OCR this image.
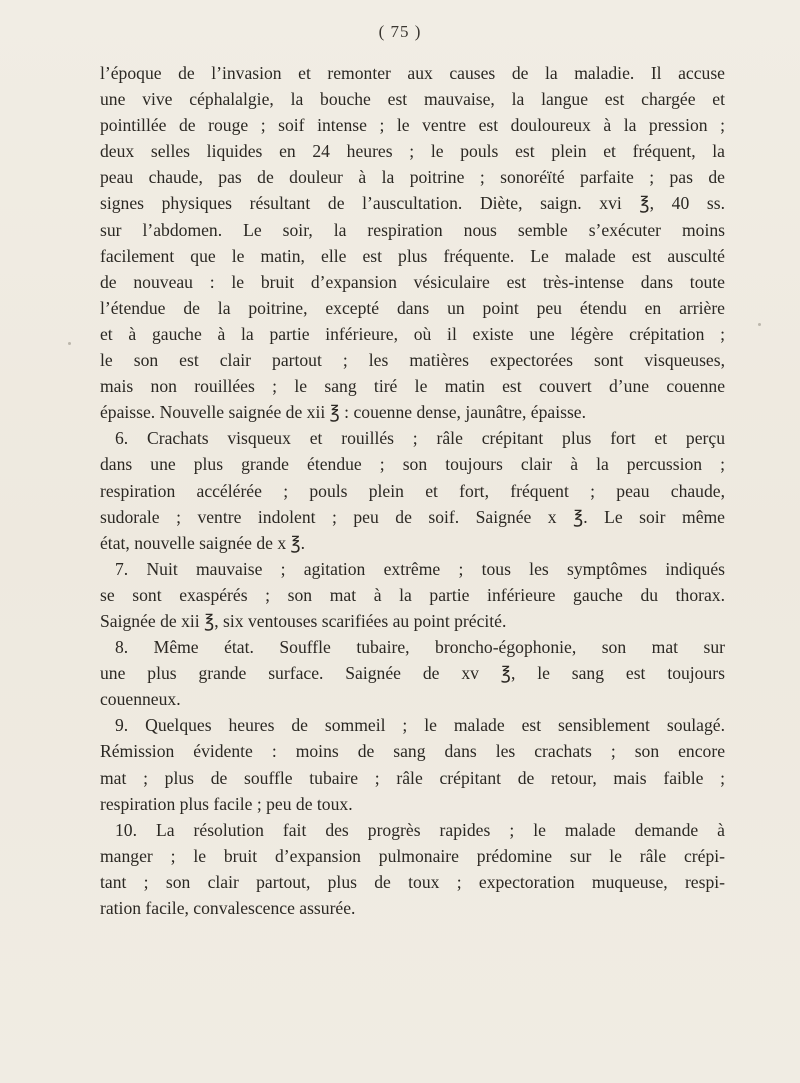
( 75 )
l’époque de l’invasion et remonter aux causes de la maladie. Il accuse
une vive céphalalgie, la bouche est mauvaise, la langue est chargée et
pointillée de rouge ; soif intense ; le ventre est douloureux à la pression ;
deux selles liquides en 24 heures ; le pouls est plein et fréquent, la
peau chaude, pas de douleur à la poitrine ; sonoréïté parfaite ; pas de
signes physiques résultant de l’auscultation. Diète, saign. xvi ℥, 40 ss.
sur l’abdomen. Le soir, la respiration nous semble s’exécuter moins
facilement que le matin, elle est plus fréquente. Le malade est ausculté
de nouveau : le bruit d’expansion vésiculaire est très-intense dans toute
l’étendue de la poitrine, excepté dans un point peu étendu en arrière
et à gauche à la partie inférieure, où il existe une légère crépitation ;
le son est clair partout ; les matières expectorées sont visqueuses,
mais non rouillées ; le sang tiré le matin est couvert d’une couenne
épaisse. Nouvelle saignée de xii ℥ : couenne dense, jaunâtre, épaisse.
6. Crachats visqueux et rouillés ; râle crépitant plus fort et perçu
dans une plus grande étendue ; son toujours clair à la percussion ;
respiration accélérée ; pouls plein et fort, fréquent ; peau chaude,
sudorale ; ventre indolent ; peu de soif. Saignée x ℥. Le soir même
état, nouvelle saignée de x ℥.
7. Nuit mauvaise ; agitation extrême ; tous les symptômes indiqués
se sont exaspérés ; son mat à la partie inférieure gauche du thorax.
Saignée de xii ℥, six ventouses scarifiées au point précité.
8. Même état. Souffle tubaire, broncho-égophonie, son mat sur
une plus grande surface. Saignée de xv ℥, le sang est toujours
couenneux.
9. Quelques heures de sommeil ; le malade est sensiblement soulagé.
Rémission évidente : moins de sang dans les crachats ; son encore
mat ; plus de souffle tubaire ; râle crépitant de retour, mais faible ;
respiration plus facile ; peu de toux.
10. La résolution fait des progrès rapides ; le malade demande à
manger ; le bruit d’expansion pulmonaire prédomine sur le râle crépi-
tant ; son clair partout, plus de toux ; expectoration muqueuse, respi-
ration facile, convalescence assurée.
